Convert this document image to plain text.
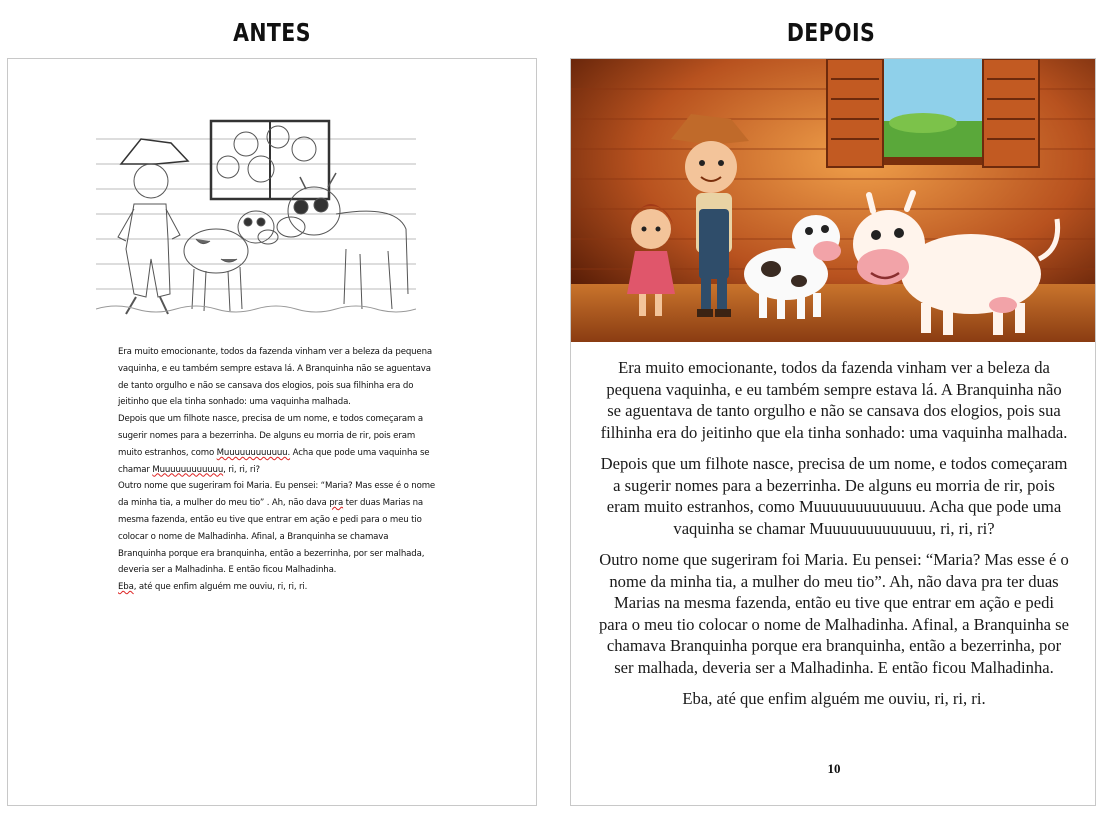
ANTES	DEPOIS

Era muito emocionante, todos da fazenda vinham ver a beleza da pequena vaquinha, e eu também sempre estava lá. A Branquinha não se aguentava de tanto orgulho e não se cansava dos elogios, pois sua filhinha era do jeitinho que ela tinha sonhado: uma vaquinha malhada.

Depois que um filhote nasce, precisa de um nome, e todos começaram a sugerir nomes para a bezerrinha. De alguns eu morria de rir, pois eram muito estranhos, como Muuuuuuuuuuuu. Acha que pode uma vaquinha se chamar Muuuuuuuuuuuu, ri, ri, ri?

Outro nome que sugeriram foi Maria. Eu pensei: “Maria? Mas esse é o nome da minha tia, a mulher do meu tio” . Ah, não dava pra ter duas Marias na mesma fazenda, então eu tive que entrar em ação e pedi para o meu tio colocar o nome de Malhadinha. Afinal, a Branquinha se chamava Branquinha porque era branquinha, então a bezerrinha, por ser malhada, deveria ser a Malhadinha. E então ficou Malhadinha.

Eba, até que enfim alguém me ouviu, ri, ri, ri.

Era muito emocionante, todos da fazenda vinham ver a beleza da pequena vaquinha, e eu também sempre estava lá. A Branquinha não se aguentava de tanto orgulho e não se cansava dos elogios, pois sua filhinha era do jeitinho que ela tinha sonhado: uma vaquinha malhada.

Depois que um filhote nasce, precisa de um nome, e todos começaram a sugerir nomes para a bezerrinha. De alguns eu morria de rir, pois eram muito estranhos, como Muuuuuuuuuuuuu. Acha que pode uma vaquinha se chamar Muuuuuuuuuuuuu, ri, ri, ri?

Outro nome que sugeriram foi Maria. Eu pensei: “Maria? Mas esse é o nome da minha tia, a mulher do meu tio”. Ah, não dava pra ter duas Marias na mesma fazenda, então eu tive que entrar em ação e pedi para o meu tio colocar o nome de Malhadinha. Afinal, a Branquinha se chamava Branquinha porque era branquinha, então a bezerrinha, por ser malhada, deveria ser a Malhadinha. E então ficou Malhadinha.

Eba, até que enfim alguém me ouviu, ri, ri, ri.

10
